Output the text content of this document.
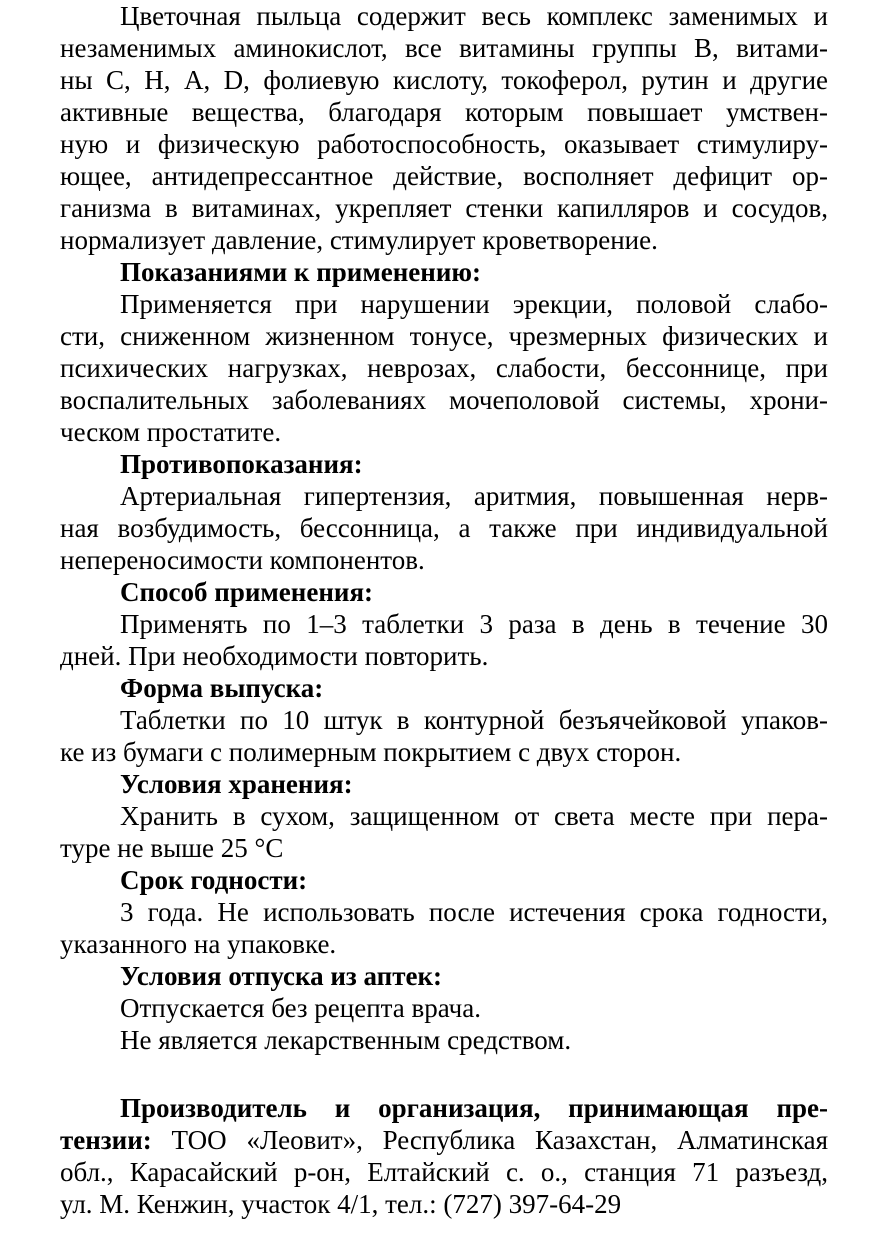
Цветочная пыльца содержит весь комплекс заменимых и
незаменимых аминокислот, все витамины группы В, витами-
ны С, Н, А, D, фолиевую кислоту, токоферол, рутин и другие
активные вещества, благодаря которым повышает умствен-
ную и физическую работоспособность, оказывает стимулиру-
ющее, антидепрессантное действие, восполняет дефицит ор-
ганизма в витаминах, укрепляет стенки капилляров и сосудов,
нормализует давление, стимулирует кроветворение.
Показаниями к применению:
Применяется при нарушении эрекции, половой слабо-
сти, сниженном жизненном тонусе, чрезмерных физических и
психических нагрузках, неврозах, слабости, бессоннице, при
воспалительных заболеваниях мочеполовой системы, хрони-
ческом простатите.
Противопоказания:
Артериальная гипертензия, аритмия, повышенная нерв-
ная возбудимость, бессонница, а также при индивидуальной
непереносимости компонентов.
Способ применения:
Применять по 1–3 таблетки 3 раза в день в течение 30
дней. При необходимости повторить.
Форма выпуска:
Таблетки по 10 штук в контурной безъячейковой упаков-
ке из бумаги с полимерным покрытием с двух сторон.
Условия хранения:
Хранить в сухом, защищенном от света месте при пера-
туре не выше 25 °С
Срок годности:
3 года. Не использовать после истечения срока годности,
указанного на упаковке.
Условия отпуска из аптек:
Отпускается без рецепта врача.
Не является лекарственным средством.
Производитель и организация, принимающая пре-
тензии: ТОО «Леовит», Республика Казахстан, Алматинская
обл., Карасайский р-он, Елтайский с. о., станция 71 разъезд,
ул. М. Кенжин, участок 4/1, тел.: (727) 397-64-29
